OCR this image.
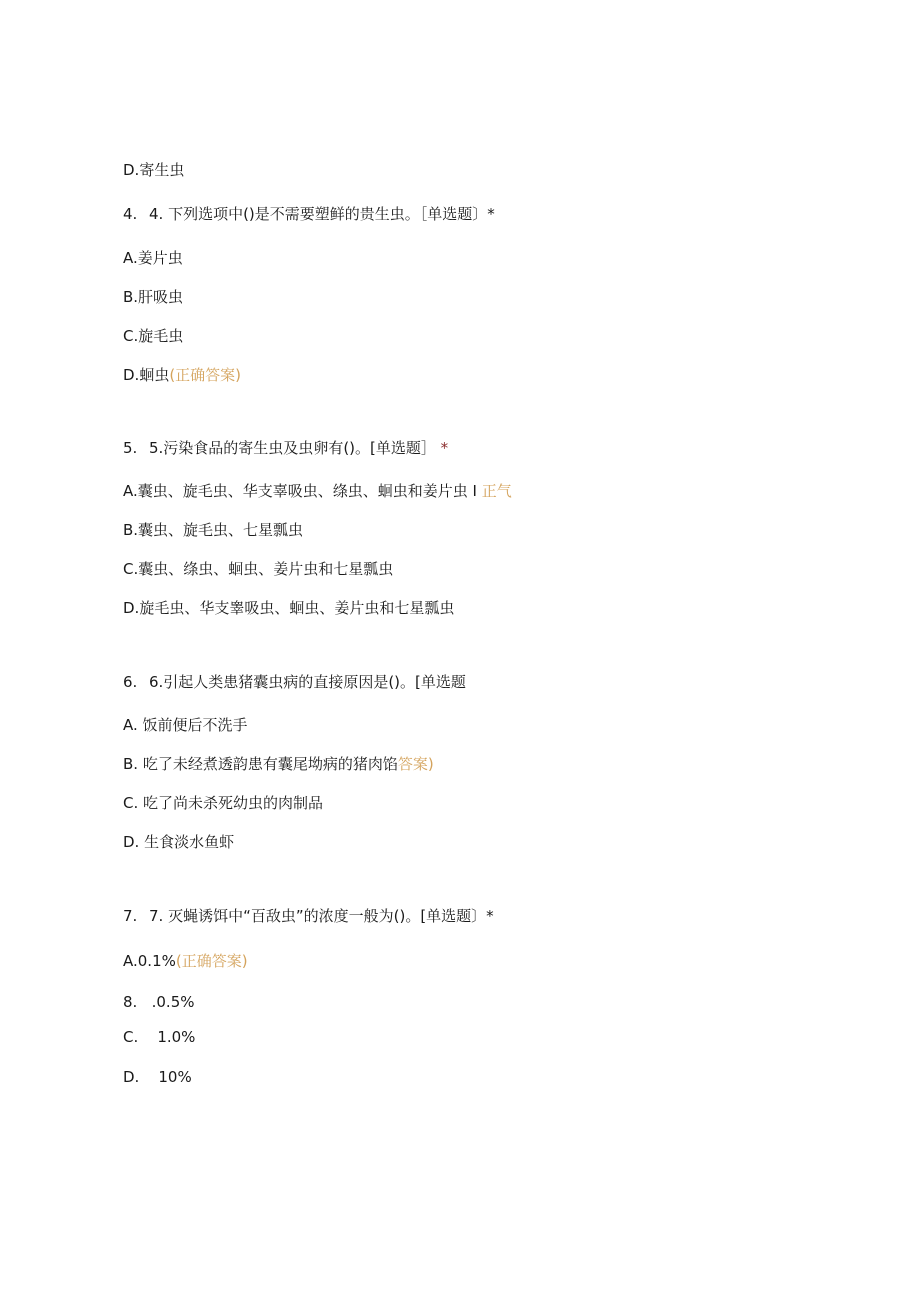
D.寄生虫
4. 4. 下列选项中()是不需要塑鲜的贵生虫。［单选题〕*
A.姜片虫
B.肝吸虫
C.旋毛虫
D.蛔虫(正确答案)
5. 5.污染食品的寄生虫及虫卵有()。[单选题］ *
A.囊虫、旋毛虫、华支辜吸虫、绦虫、蛔虫和姜片虫 I 正气
B.囊虫、旋毛虫、七星瓢虫
C.囊虫、绦虫、蛔虫、姜片虫和七星瓢虫
D.旋毛虫、华支睾吸虫、蛔虫、姜片虫和七星瓢虫
6. 6.引起人类患猪囊虫病的直接原因是()。[单选题
A. 饭前便后不洗手
B. 吃了未经煮透韵患有囊尾坳病的猪肉馅答案)
C. 吃了尚未杀死幼虫的肉制品
D. 生食淡水鱼虾
7. 7. 灭蝇诱饵中“百敌虫”的浓度一般为()。[单选题〕*
A.0.1%(正确答案)
8.   .0.5%
C.    1.0%
D.    10%
